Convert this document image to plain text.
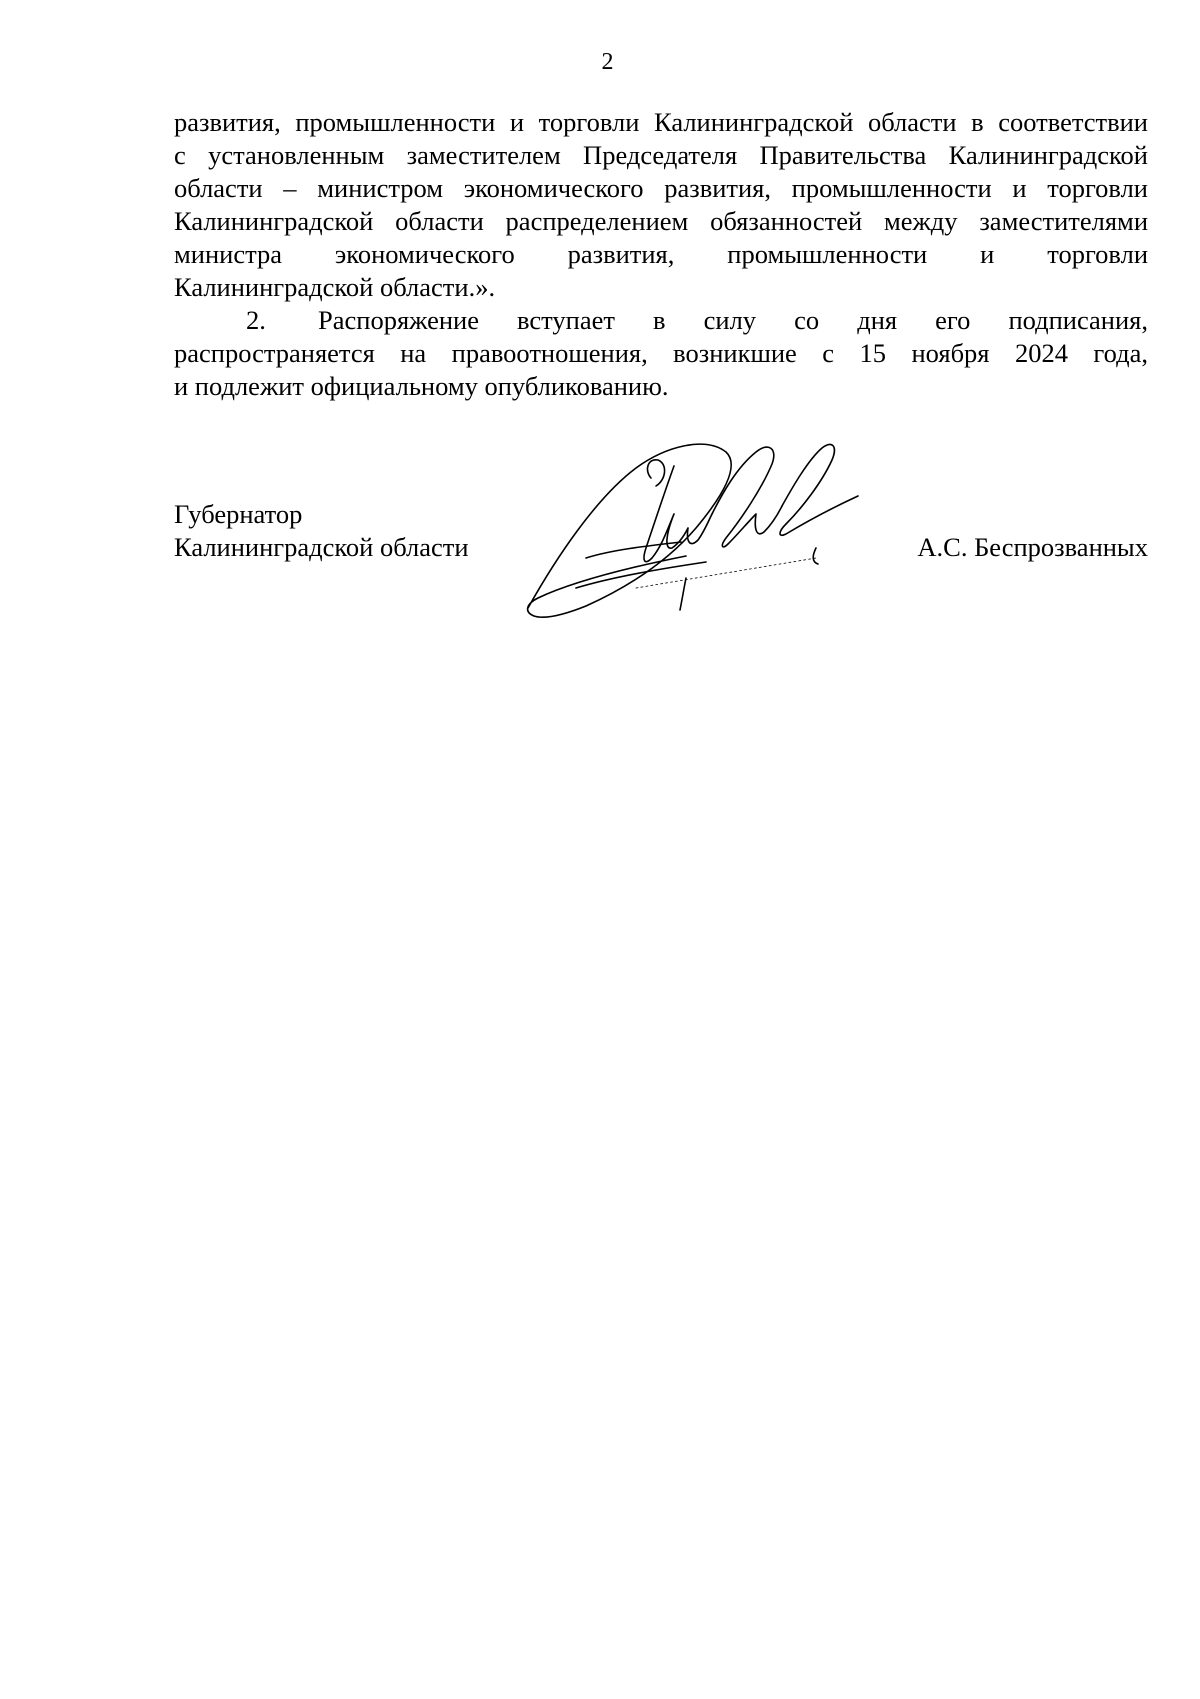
2
развития, промышленности и торговли Калининградской области в соответствии
с установленным заместителем Председателя Правительства Калининградской
области – министром экономического развития, промышленности и торговли
Калининградской области распределением обязанностей между заместителями
министра экономического развития, промышленности и торговли
Калининградской области.».
2. Распоряжение вступает в силу со дня его подписания,
распространяется на правоотношения, возникшие с 15 ноября 2024 года,
и подлежит официальному опубликованию.
Губернатор
Калининградской области	А.С. Беспрозванных
